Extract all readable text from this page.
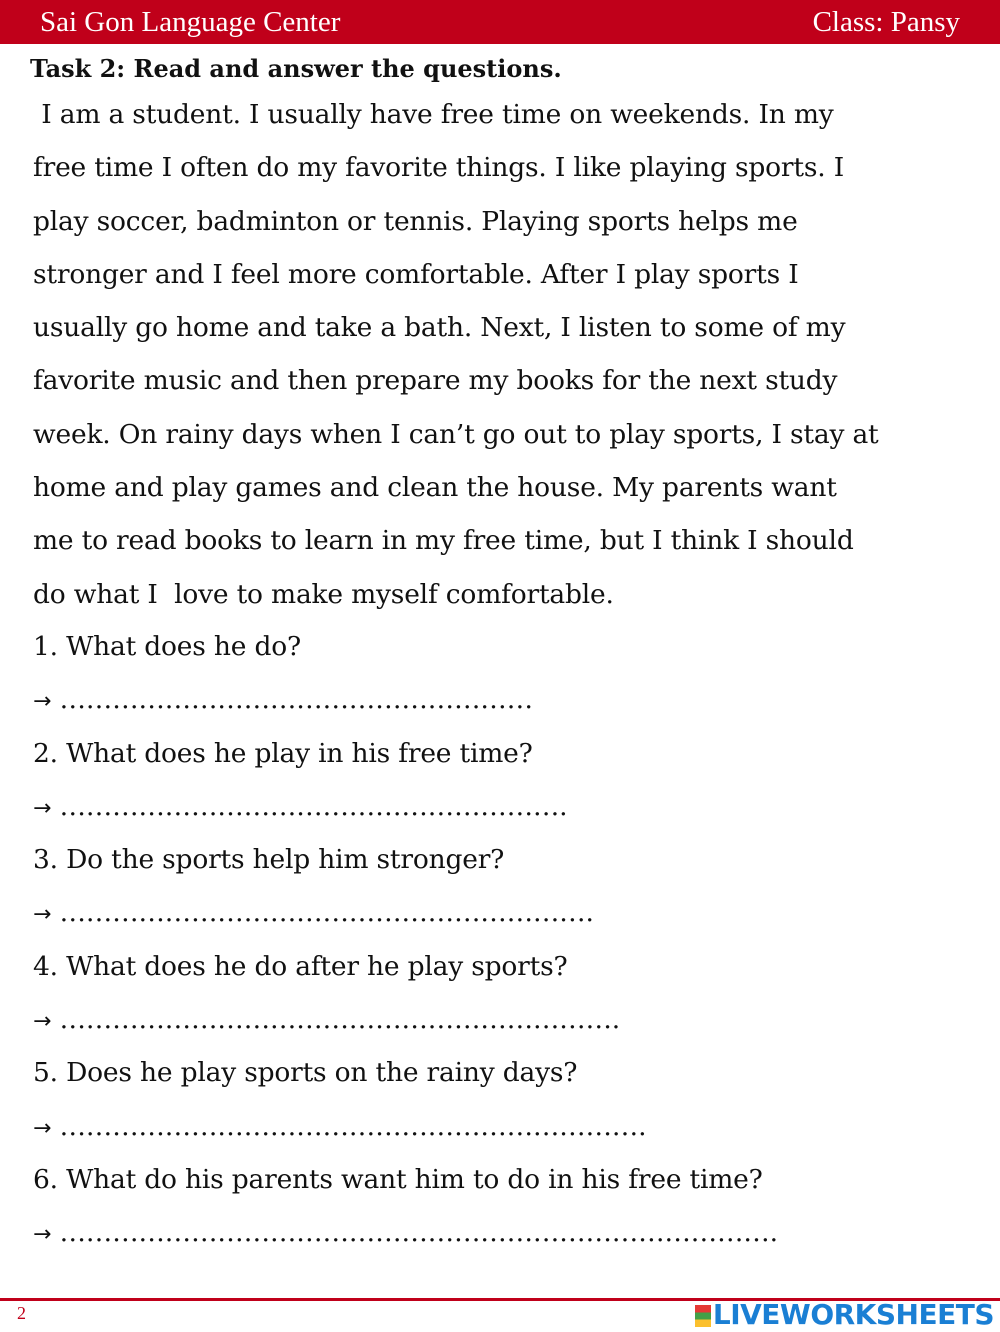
Sai Gon Language Center	Class: Pansy
Task 2: Read and answer the questions.
I am a student. I usually have free time on weekends. In my
free time I often do my favorite things. I like playing sports. I
play soccer, badminton or tennis. Playing sports helps me
stronger and I feel more comfortable. After I play sports I
usually go home and take a bath. Next, I listen to some of my
favorite music and then prepare my books for the next study
week. On rainy days when I can’t go out to play sports, I stay at
home and play games and clean the house. My parents want
me to read books to learn in my free time, but I think I should
do what I  love to make myself comfortable.
1. What does he do?
→ ………………………………………………
2. What does he play in his free time?
→ ………………………………………………….
3. Do the sports help him stronger?
→ …………………………………………………….
4. What does he do after he play sports?
→ ……………………………………………………….
5. Does he play sports on the rainy days?
→ ………………………………………………………….
6. What do his parents want him to do in his free time?
→ ……………………………………………………………………….
2	LIVEWORKSHEETS
